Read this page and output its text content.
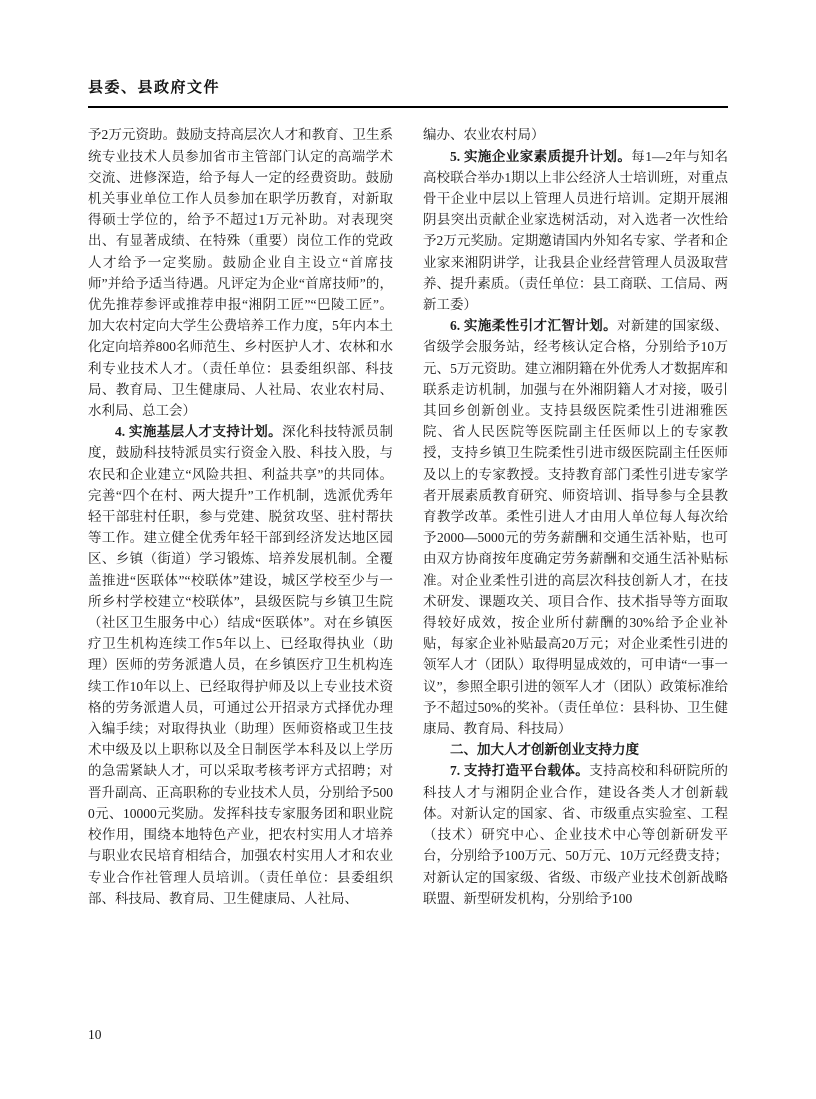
县委、县政府文件

予2万元资助。鼓励支持高层次人才和教育、卫生系统专业技术人员参加省市主管部门认定的高端学术交流、进修深造，给予每人一定的经费资助。鼓励机关事业单位工作人员参加在职学历教育，对新取得硕士学位的，给予不超过1万元补助。对表现突出、有显著成绩、在特殊（重要）岗位工作的党政人才给予一定奖励。鼓励企业自主设立“首席技师”并给予适当待遇。凡评定为企业“首席技师”的，优先推荐参评或推荐申报“湘阴工匠”“巴陵工匠”。加大农村定向大学生公费培养工作力度，5年内本土化定向培养800名师范生、乡村医护人才、农林和水利专业技术人才。（责任单位：县委组织部、科技局、教育局、卫生健康局、人社局、农业农村局、水利局、总工会）

4. 实施基层人才支持计划。深化科技特派员制度，鼓励科技特派员实行资金入股、科技入股，与农民和企业建立“风险共担、利益共享”的共同体。完善“四个在村、两大提升”工作机制，选派优秀年轻干部驻村任职，参与党建、脱贫攻坚、驻村帮扶等工作。建立健全优秀年轻干部到经济发达地区园区、乡镇（街道）学习锻炼、培养发展机制。全覆盖推进“医联体”“校联体”建设，城区学校至少与一所乡村学校建立“校联体”，县级医院与乡镇卫生院（社区卫生服务中心）结成“医联体”。对在乡镇医疗卫生机构连续工作5年以上、已经取得执业（助理）医师的劳务派遣人员，在乡镇医疗卫生机构连续工作10年以上、已经取得护师及以上专业技术资格的劳务派遣人员，可通过公开招录方式择优办理入编手续；对取得执业（助理）医师资格或卫生技术中级及以上职称以及全日制医学本科及以上学历的急需紧缺人才，可以采取考核考评方式招聘；对晋升副高、正高职称的专业技术人员，分别给予5000元、10000元奖励。发挥科技专家服务团和职业院校作用，围绕本地特色产业，把农村实用人才培养与职业农民培育相结合，加强农村实用人才和农业专业合作社管理人员培训。（责任单位：县委组织部、科技局、教育局、卫生健康局、人社局、

编办、农业农村局）

5. 实施企业家素质提升计划。每1—2年与知名高校联合举办1期以上非公经济人士培训班，对重点骨干企业中层以上管理人员进行培训。定期开展湘阴县突出贡献企业家选树活动，对入选者一次性给予2万元奖励。定期邀请国内外知名专家、学者和企业家来湘阴讲学，让我县企业经营管理人员汲取营养、提升素质。（责任单位：县工商联、工信局、两新工委）

6. 实施柔性引才汇智计划。对新建的国家级、省级学会服务站，经考核认定合格，分别给予10万元、5万元资助。建立湘阴籍在外优秀人才数据库和联系走访机制，加强与在外湘阴籍人才对接，吸引其回乡创新创业。支持县级医院柔性引进湘雅医院、省人民医院等医院副主任医师以上的专家教授，支持乡镇卫生院柔性引进市级医院副主任医师及以上的专家教授。支持教育部门柔性引进专家学者开展素质教育研究、师资培训、指导参与全县教育教学改革。柔性引进人才由用人单位每人每次给予2000—5000元的劳务薪酬和交通生活补贴，也可由双方协商按年度确定劳务薪酬和交通生活补贴标准。对企业柔性引进的高层次科技创新人才，在技术研发、课题攻关、项目合作、技术指导等方面取得较好成效，按企业所付薪酬的30%给予企业补贴，每家企业补贴最高20万元；对企业柔性引进的领军人才（团队）取得明显成效的，可申请“一事一议”，参照全职引进的领军人才（团队）政策标准给予不超过50%的奖补。（责任单位：县科协、卫生健康局、教育局、科技局）

二、加大人才创新创业支持力度

7. 支持打造平台载体。支持高校和科研院所的科技人才与湘阴企业合作，建设各类人才创新载体。对新认定的国家、省、市级重点实验室、工程（技术）研究中心、企业技术中心等创新研发平台，分别给予100万元、50万元、10万元经费支持；对新认定的国家级、省级、市级产业技术创新战略联盟、新型研发机构，分别给予100

10
